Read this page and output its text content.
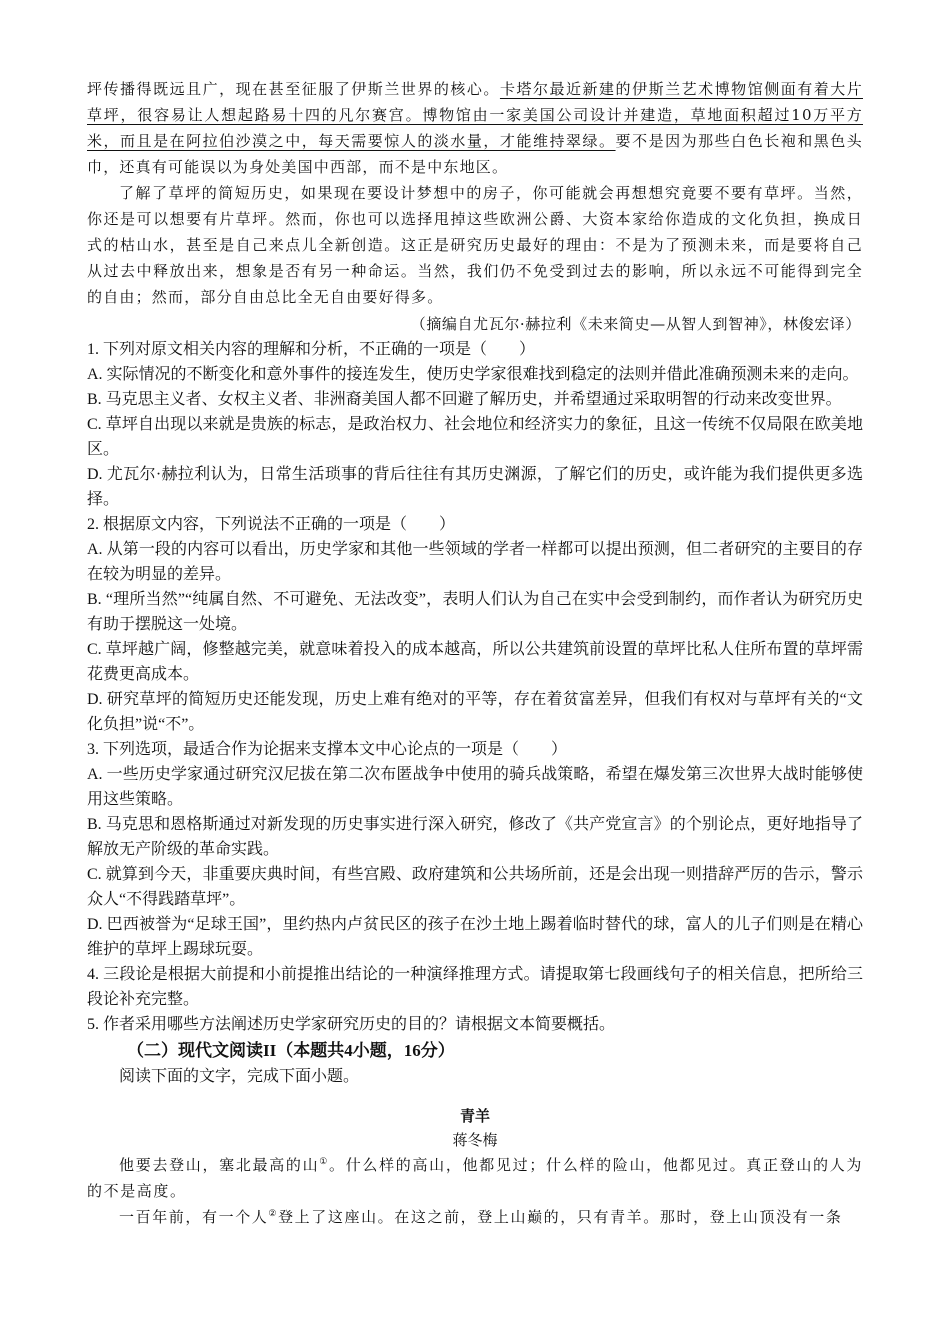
坪传播得既远且广，现在甚至征服了伊斯兰世界的核心。卡塔尔最近新建的伊斯兰艺术博物馆侧面有着大片草坪，很容易让人想起路易十四的凡尔赛宫。博物馆由一家美国公司设计并建造，草地面积超过10万平方米，而且是在阿拉伯沙漠之中，每天需要惊人的淡水量，才能维持翠绿。要不是因为那些白色长袍和黑色头巾，还真有可能误以为身处美国中西部，而不是中东地区。

了解了草坪的简短历史，如果现在要设计梦想中的房子，你可能就会再想想究竟要不要有草坪。当然，你还是可以想要有片草坪。然而，你也可以选择甩掉这些欧洲公爵、大资本家给你造成的文化负担，换成日式的枯山水，甚至是自己来点儿全新创造。这正是研究历史最好的理由：不是为了预测未来，而是要将自己从过去中释放出来，想象是否有另一种命运。当然，我们仍不免受到过去的影响，所以永远不可能得到完全的自由；然而，部分自由总比全无自由要好得多。

（摘编自尤瓦尔·赫拉利《未来简史—从智人到智神》，林俊宏译）

1. 下列对原文相关内容的理解和分析，不正确的一项是（　　）

A. 实际情况的不断变化和意外事件的接连发生，使历史学家很难找到稳定的法则并借此准确预测未来的走向。

B. 马克思主义者、女权主义者、非洲裔美国人都不回避了解历史，并希望通过采取明智的行动来改变世界。

C. 草坪自出现以来就是贵族的标志，是政治权力、社会地位和经济实力的象征，且这一传统不仅局限在欧美地区。

D. 尤瓦尔·赫拉利认为，日常生活琐事的背后往往有其历史渊源，了解它们的历史，或许能为我们提供更多选择。

2. 根据原文内容，下列说法不正确的一项是（　　）

A. 从第一段的内容可以看出，历史学家和其他一些领域的学者一样都可以提出预测，但二者研究的主要目的存在较为明显的差异。

B. “理所当然”“纯属自然、不可避免、无法改变”，表明人们认为自己在实中会受到制约，而作者认为研究历史有助于摆脱这一处境。

C. 草坪越广阔，修整越完美，就意味着投入的成本越高，所以公共建筑前设置的草坪比私人住所布置的草坪需花费更高成本。

D. 研究草坪的简短历史还能发现，历史上难有绝对的平等，存在着贫富差异，但我们有权对与草坪有关的“文化负担”说“不”。

3. 下列选项，最适合作为论据来支撑本文中心论点的一项是（　　）

A. 一些历史学家通过研究汉尼拔在第二次布匿战争中使用的骑兵战策略，希望在爆发第三次世界大战时能够使用这些策略。

B. 马克思和恩格斯通过对新发现的历史事实进行深入研究，修改了《共产党宣言》的个别论点，更好地指导了解放无产阶级的革命实践。

C. 就算到今天，非重要庆典时间，有些宫殿、政府建筑和公共场所前，还是会出现一则措辞严厉的告示，警示众人“不得践踏草坪”。

D. 巴西被誉为“足球王国”，里约热内卢贫民区的孩子在沙土地上踢着临时替代的球，富人的儿子们则是在精心维护的草坪上踢球玩耍。

4. 三段论是根据大前提和小前提推出结论的一种演绎推理方式。请提取第七段画线句子的相关信息，把所给三段论补充完整。

5. 作者采用哪些方法阐述历史学家研究历史的目的？请根据文本简要概括。

（二）现代文阅读II（本题共4小题，16分）

阅读下面的文字，完成下面小题。

青羊

蒋冬梅

他要去登山，塞北最高的山①。什么样的高山，他都见过；什么样的险山，他都见过。真正登山的人为的不是高度。

一百年前，有一个人②登上了这座山。在这之前，登上山巅的，只有青羊。那时，登上山顶没有一条
